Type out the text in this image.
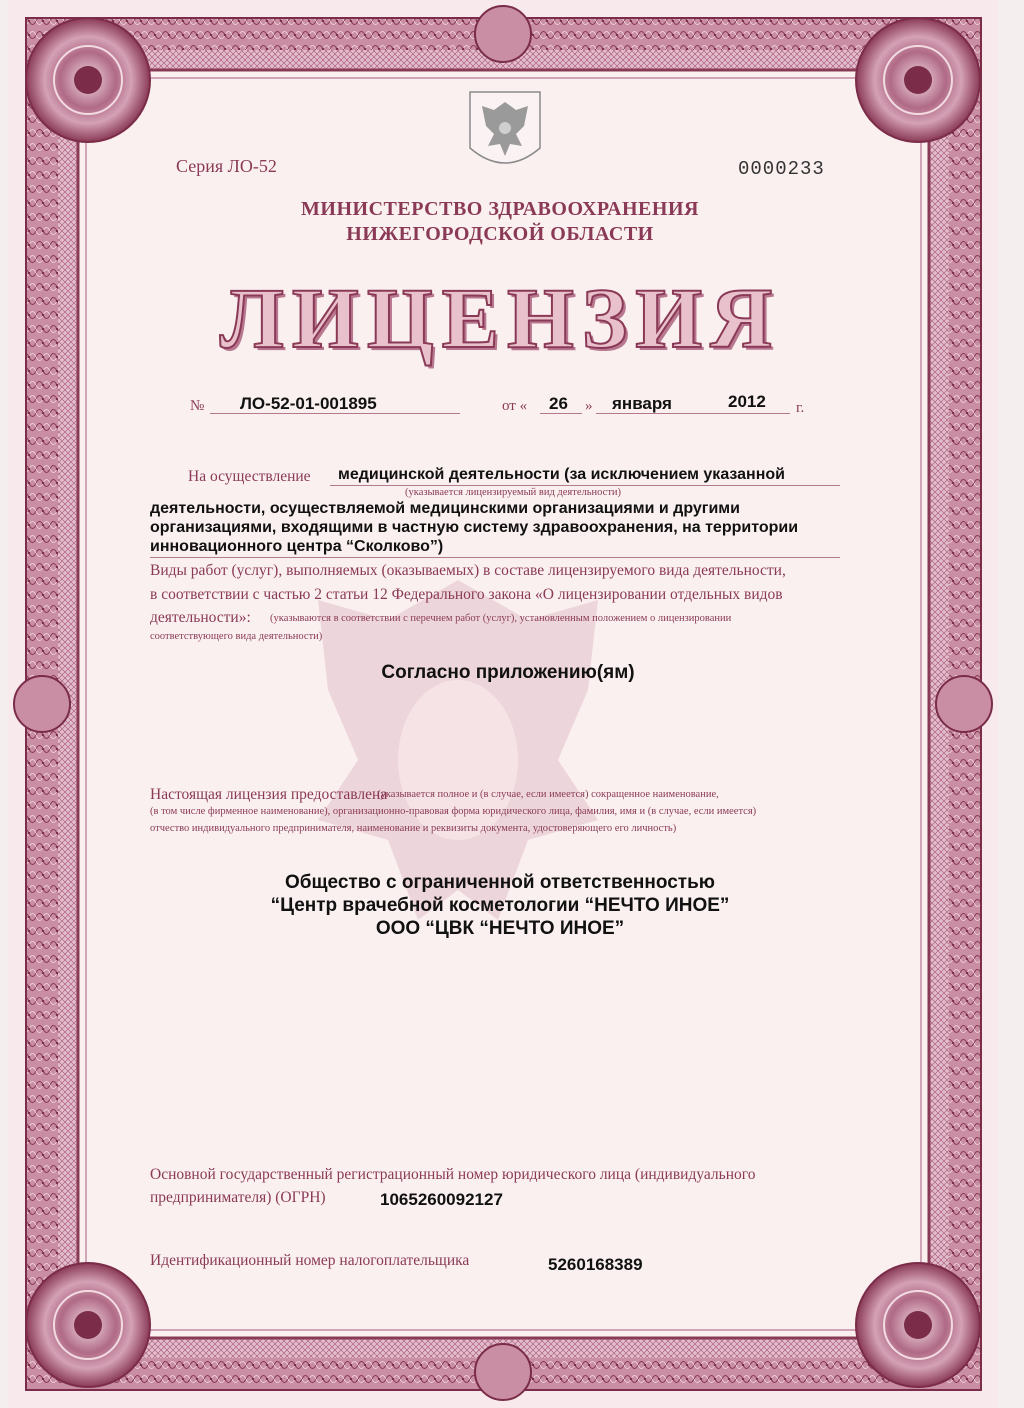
Серия ЛО-52	0000233
МИНИСТЕРСТВО ЗДРАВООХРАНЕНИЯ
НИЖЕГОРОДСКОЙ ОБЛАСТИ
ЛИЦЕНЗИЯ
№ ЛО-52-01-001895	от « 26 » января	2012 г.
На осуществление медицинской деятельности (за исключением указанной
(указывается лицензируемый вид деятельности)
деятельности, осуществляемой медицинскими организациями и другими
организациями, входящими в частную систему здравоохранения, на территории
инновационного центра “Сколково”)
Виды работ (услуг), выполняемых (оказываемых) в составе лицензируемого вида деятельности,
в соответствии с частью 2 статьи 12 Федерального закона «О лицензировании отдельных видов
деятельности»: (указываются в соответствии с перечнем работ (услуг), установленным положением о лицензировании
соответствующего вида деятельности)
Согласно приложению(ям)
Настоящая лицензия предоставлена
(указывается полное и (в случае, если имеется) сокращенное наименование,
(в том числе фирменное наименование), организационно-правовая форма юридического лица, фамилия, имя и (в случае, если имеется)
отчество индивидуального предпринимателя, наименование и реквизиты документа, удостоверяющего его личность)
Общество с ограниченной ответственностью
“Центр врачебной косметологии “НЕЧТО ИНОЕ”
ООО “ЦВК “НЕЧТО ИНОЕ”
Основной государственный регистрационный номер юридического лица (индивидуального
предпринимателя) (ОГРН)	1065260092127
Идентификационный номер налогоплательщика	5260168389
